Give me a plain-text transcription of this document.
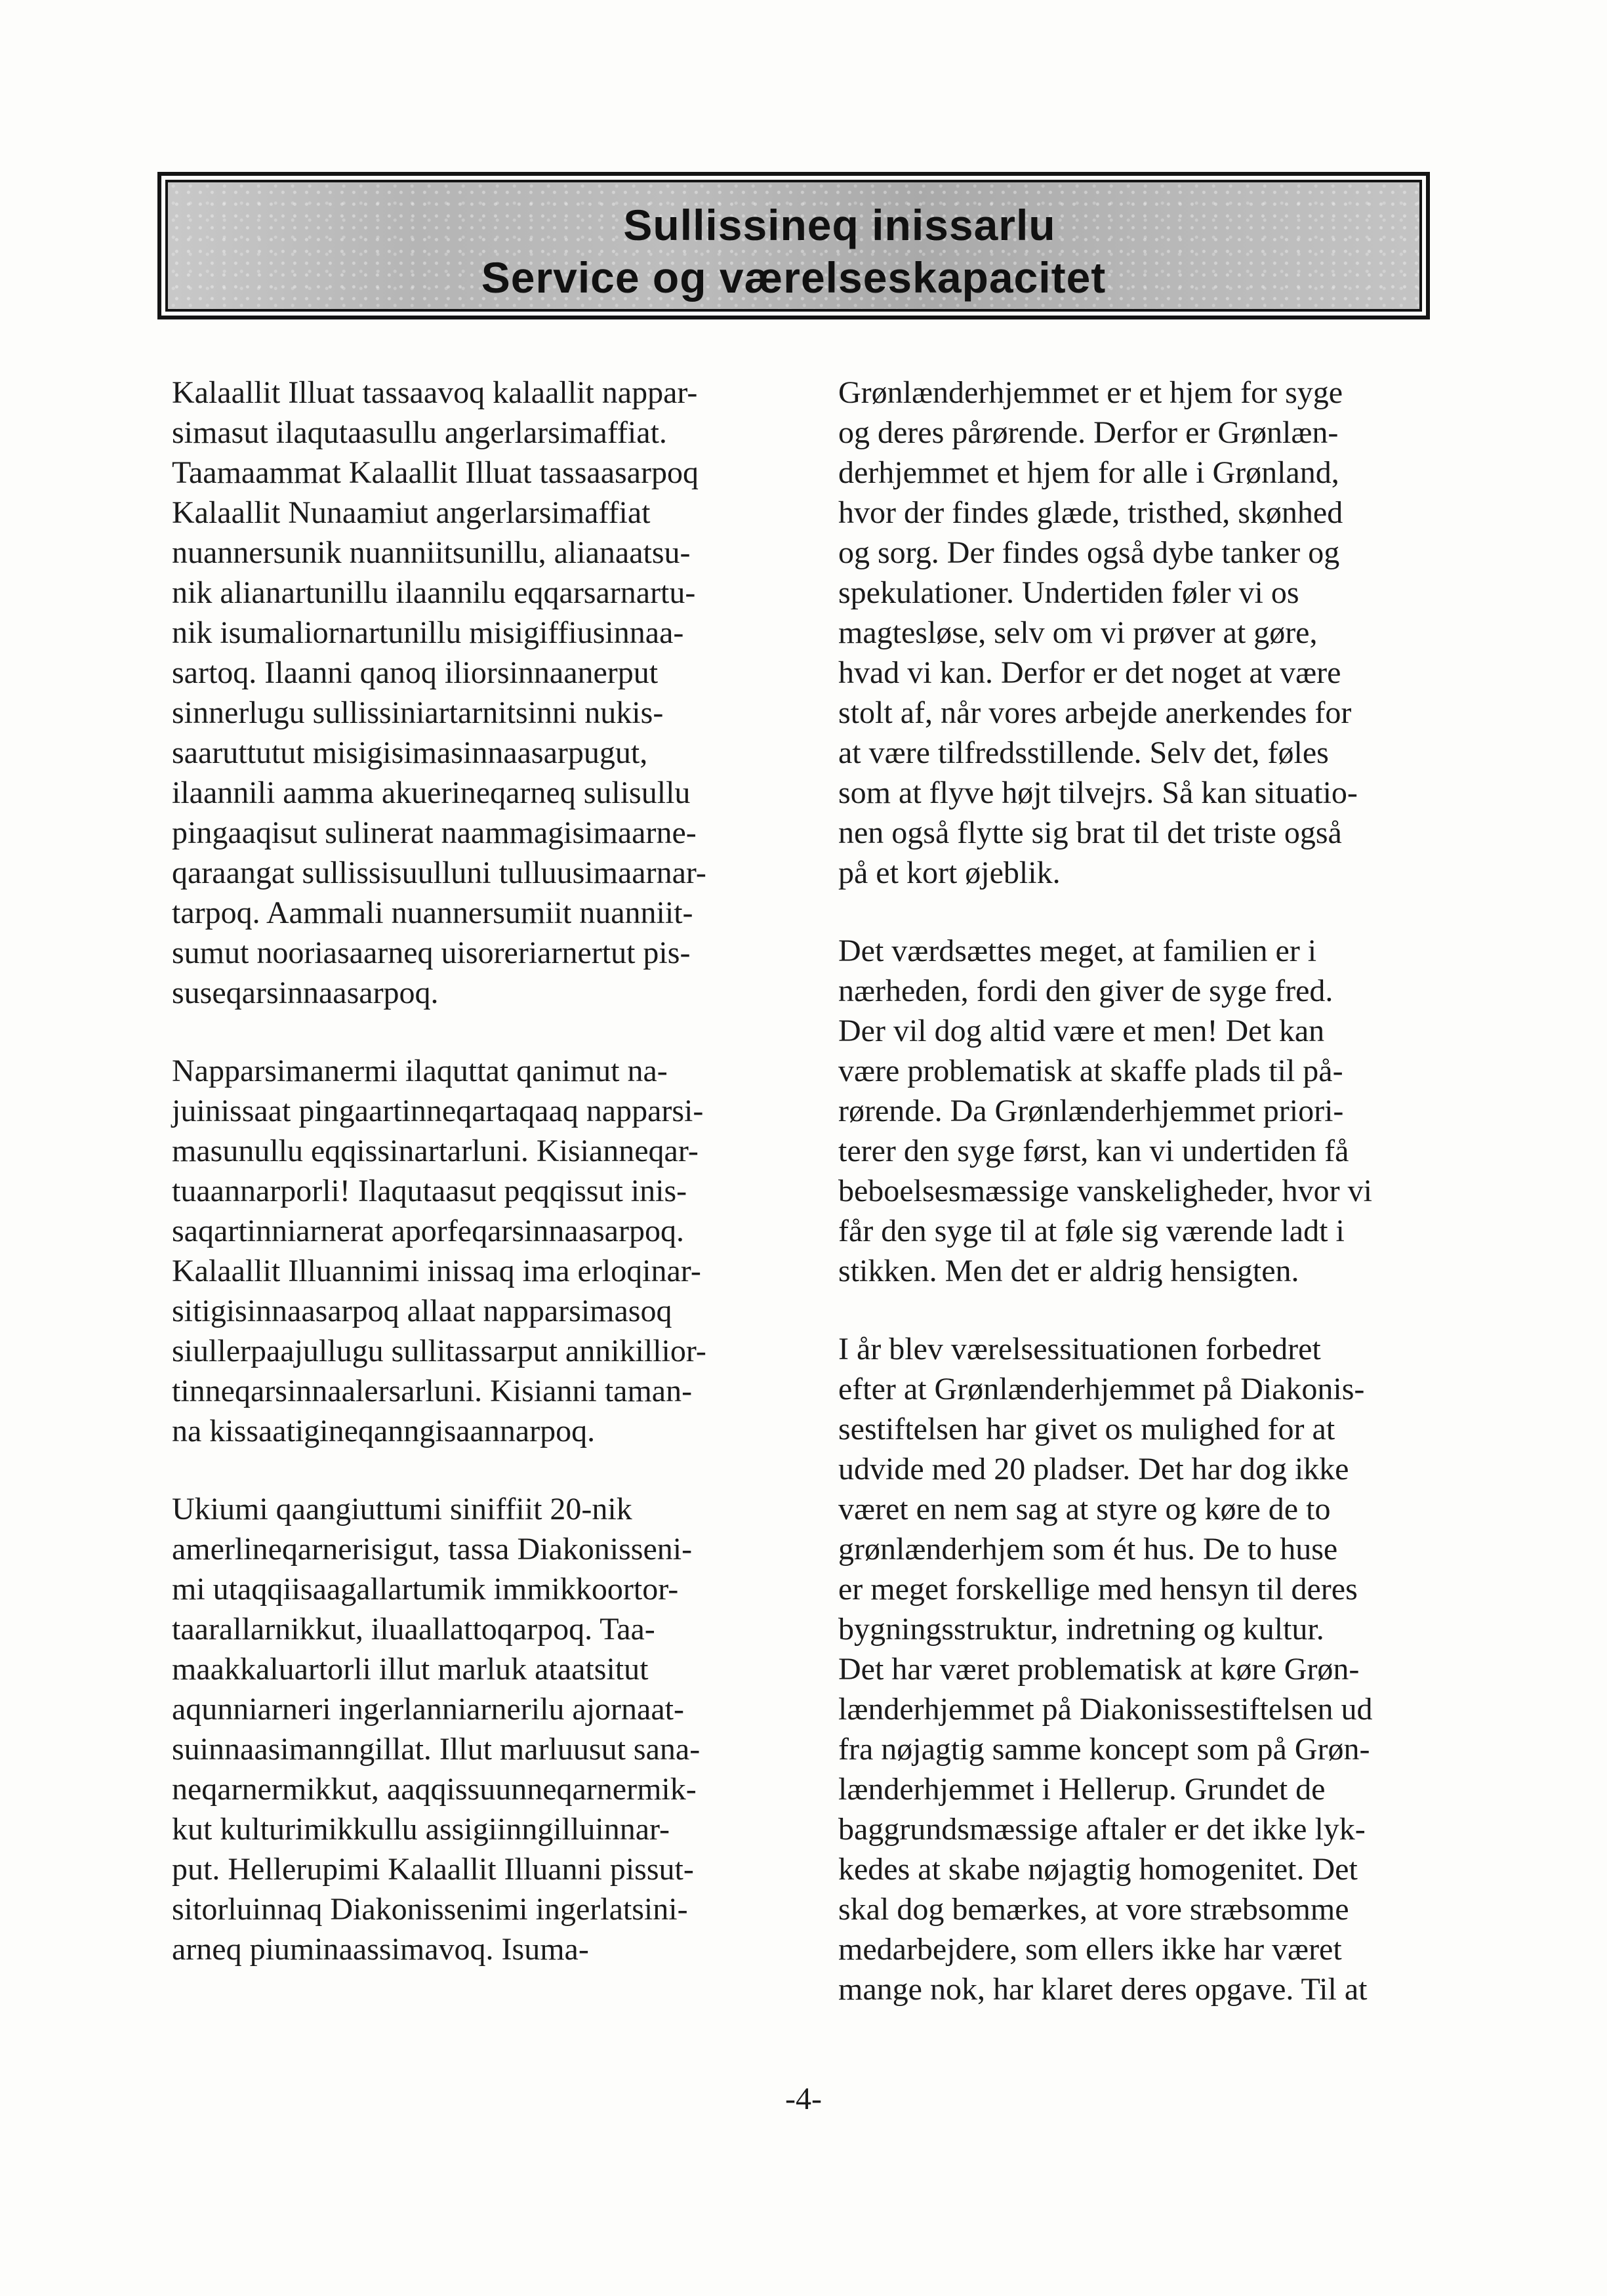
Sullissineq inissarlu
Service og værelseskapacitet

Kalaallit Illuat tassaavoq kalaallit nappar-
simasut ilaqutaasullu angerlarsimaffiat.
Taamaammat Kalaallit Illuat tassaasarpoq
Kalaallit Nunaamiut angerlarsimaffiat
nuannersunik nuanniitsunillu, alianaatsu-
nik alianartunillu ilaannilu eqqarsarnartu-
nik isumaliornartunillu misigiffiusinnaa-
sartoq. Ilaanni qanoq iliorsinnaanerput
sinnerlugu sullissiniartarnitsinni nukis-
saaruttutut misigisimasinnaasarpugut,
ilaannili aamma akuerineqarneq sulisullu
pingaaqisut sulinerat naammagisimaarne-
qaraangat sullissisuulluni tulluusimaarnar-
tarpoq. Aammali nuannersumiit nuanniit-
sumut nooriasaarneq uisoreriarnertut pis-
suseqarsinnaasarpoq.

Napparsimanermi ilaquttat qanimut na-
juinissaat pingaartinneqartaqaaq napparsi-
masunullu eqqissinartarluni. Kisianneqar-
tuaannarporli! Ilaqutaasut peqqissut inis-
saqartinniarnerat aporfeqarsinnaasarpoq.
Kalaallit Illuannimi inissaq ima erloqinar-
sitigisinnaasarpoq allaat napparsimasoq
siullerpaajullugu sullitassarput annikillior-
tinneqarsinnaalersarluni. Kisianni taman-
na kissaatigineqanngisaannarpoq.

Ukiumi qaangiuttumi siniffiit 20-nik
amerlineqarnerisigut, tassa Diakonisseni-
mi utaqqiisaagallartumik immikkoortor-
taarallarnikkut, iluaallattoqarpoq. Taa-
maakkaluartorli illut marluk ataatsitut
aqunniarneri ingerlanniarnerilu ajornaat-
suinnaasimanngillat. Illut marluusut sana-
neqarnermikkut, aaqqissuunneqarnermik-
kut kulturimikkullu assigiinngilluinnar-
put. Hellerupimi Kalaallit Illuanni pissut-
sitorluinnaq Diakonissenimi ingerlatsini-
arneq piuminaassimavoq. Isuma-

Grønlænderhjemmet er et hjem for syge
og deres pårørende. Derfor er Grønlæn-
derhjemmet et hjem for alle i Grønland,
hvor der findes glæde, tristhed, skønhed
og sorg. Der findes også dybe tanker og
spekulationer. Undertiden føler vi os
magtesløse, selv om vi prøver at gøre,
hvad vi kan. Derfor er det noget at være
stolt af, når vores arbejde anerkendes for
at være tilfredsstillende. Selv det, føles
som at flyve højt tilvejrs. Så kan situatio-
nen også flytte sig brat til det triste også
på et kort øjeblik.

Det værdsættes meget, at familien er i
nærheden, fordi den giver de syge fred.
Der vil dog altid være et men! Det kan
være problematisk at skaffe plads til på-
rørende. Da Grønlænderhjemmet priori-
terer den syge først, kan vi undertiden få
beboelsesmæssige vanskeligheder, hvor vi
får den syge til at føle sig værende ladt i
stikken. Men det er aldrig hensigten.

I år blev værelsessituationen forbedret
efter at Grønlænderhjemmet på Diakonis-
sestiftelsen har givet os mulighed for at
udvide med 20 pladser. Det har dog ikke
været en nem sag at styre og køre de to
grønlænderhjem som ét hus. De to huse
er meget forskellige med hensyn til deres
bygningsstruktur, indretning og kultur.
Det har været problematisk at køre Grøn-
lænderhjemmet på Diakonissestiftelsen ud
fra nøjagtig samme koncept som på Grøn-
lænderhjemmet i Hellerup. Grundet de
baggrundsmæssige aftaler er det ikke lyk-
kedes at skabe nøjagtig homogenitet. Det
skal dog bemærkes, at vore stræbsomme
medarbejdere, som ellers ikke har været
mange nok, har klaret deres opgave. Til at

-4-
